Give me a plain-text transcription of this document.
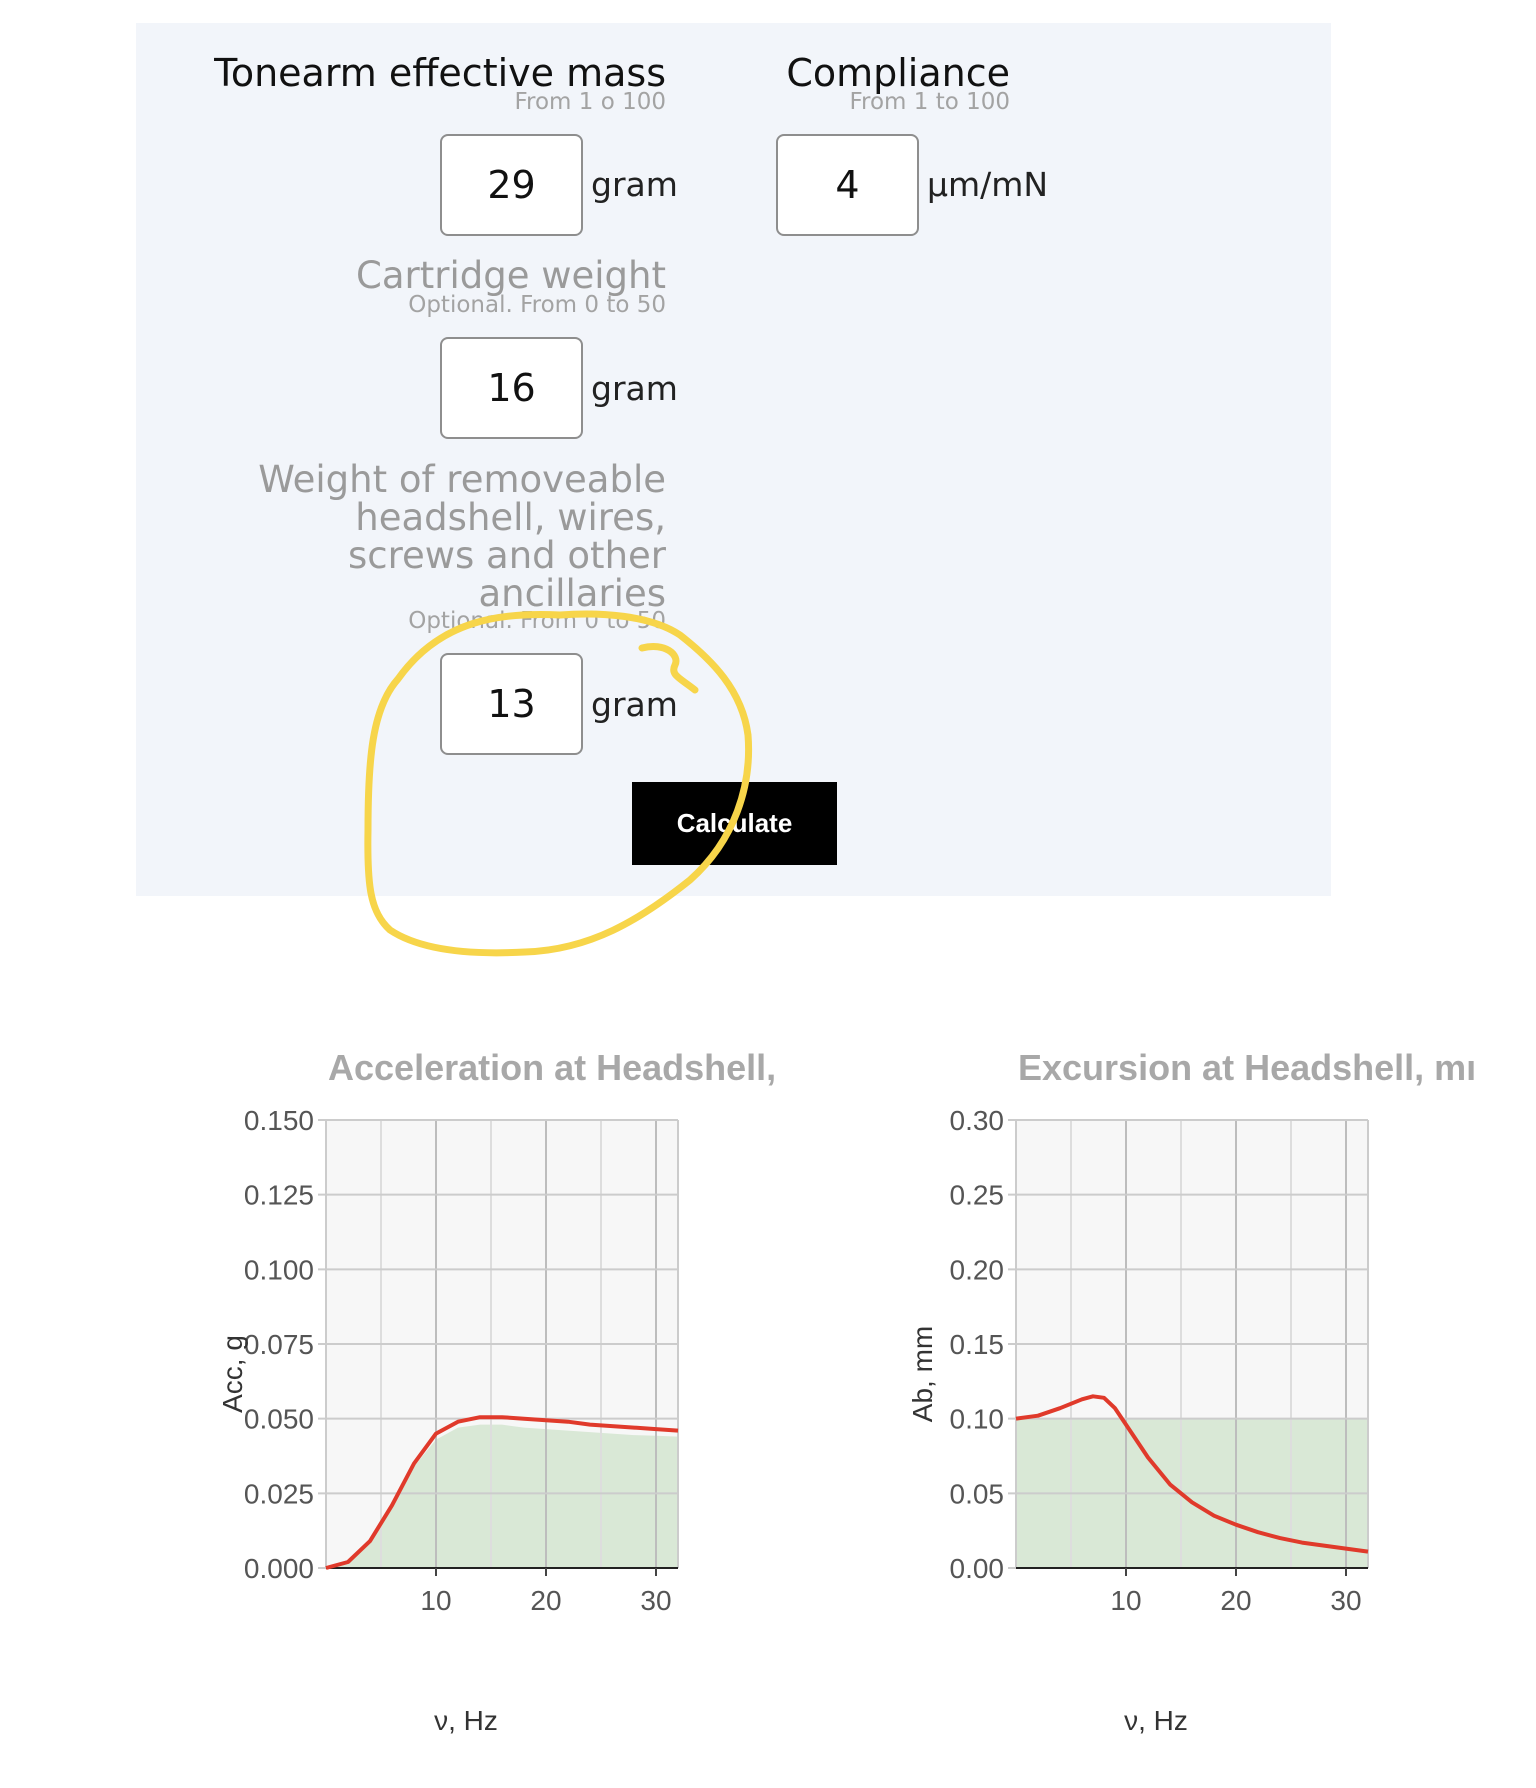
Tonearm effective mass
From 1 o 100
29
gram
Compliance
From 1 to 100
4
μm/mN
Cartridge weight
Optional. From 0 to 50
16
gram
Weight of removeable headshell, wires, screws and other ancillaries
Optional. From 0 to 50
13
gram
Calculate
Acceleration at Headshell,
0.150
0.125
0.100
0.075
0.050
0.025
0.000
10	20	30
ν, Hz
Acc, g
Excursion at Headshell, mı
0.30
0.25
0.20
0.15
0.10
0.05
0.00
10	20	30
ν, Hz
Ab, mm
